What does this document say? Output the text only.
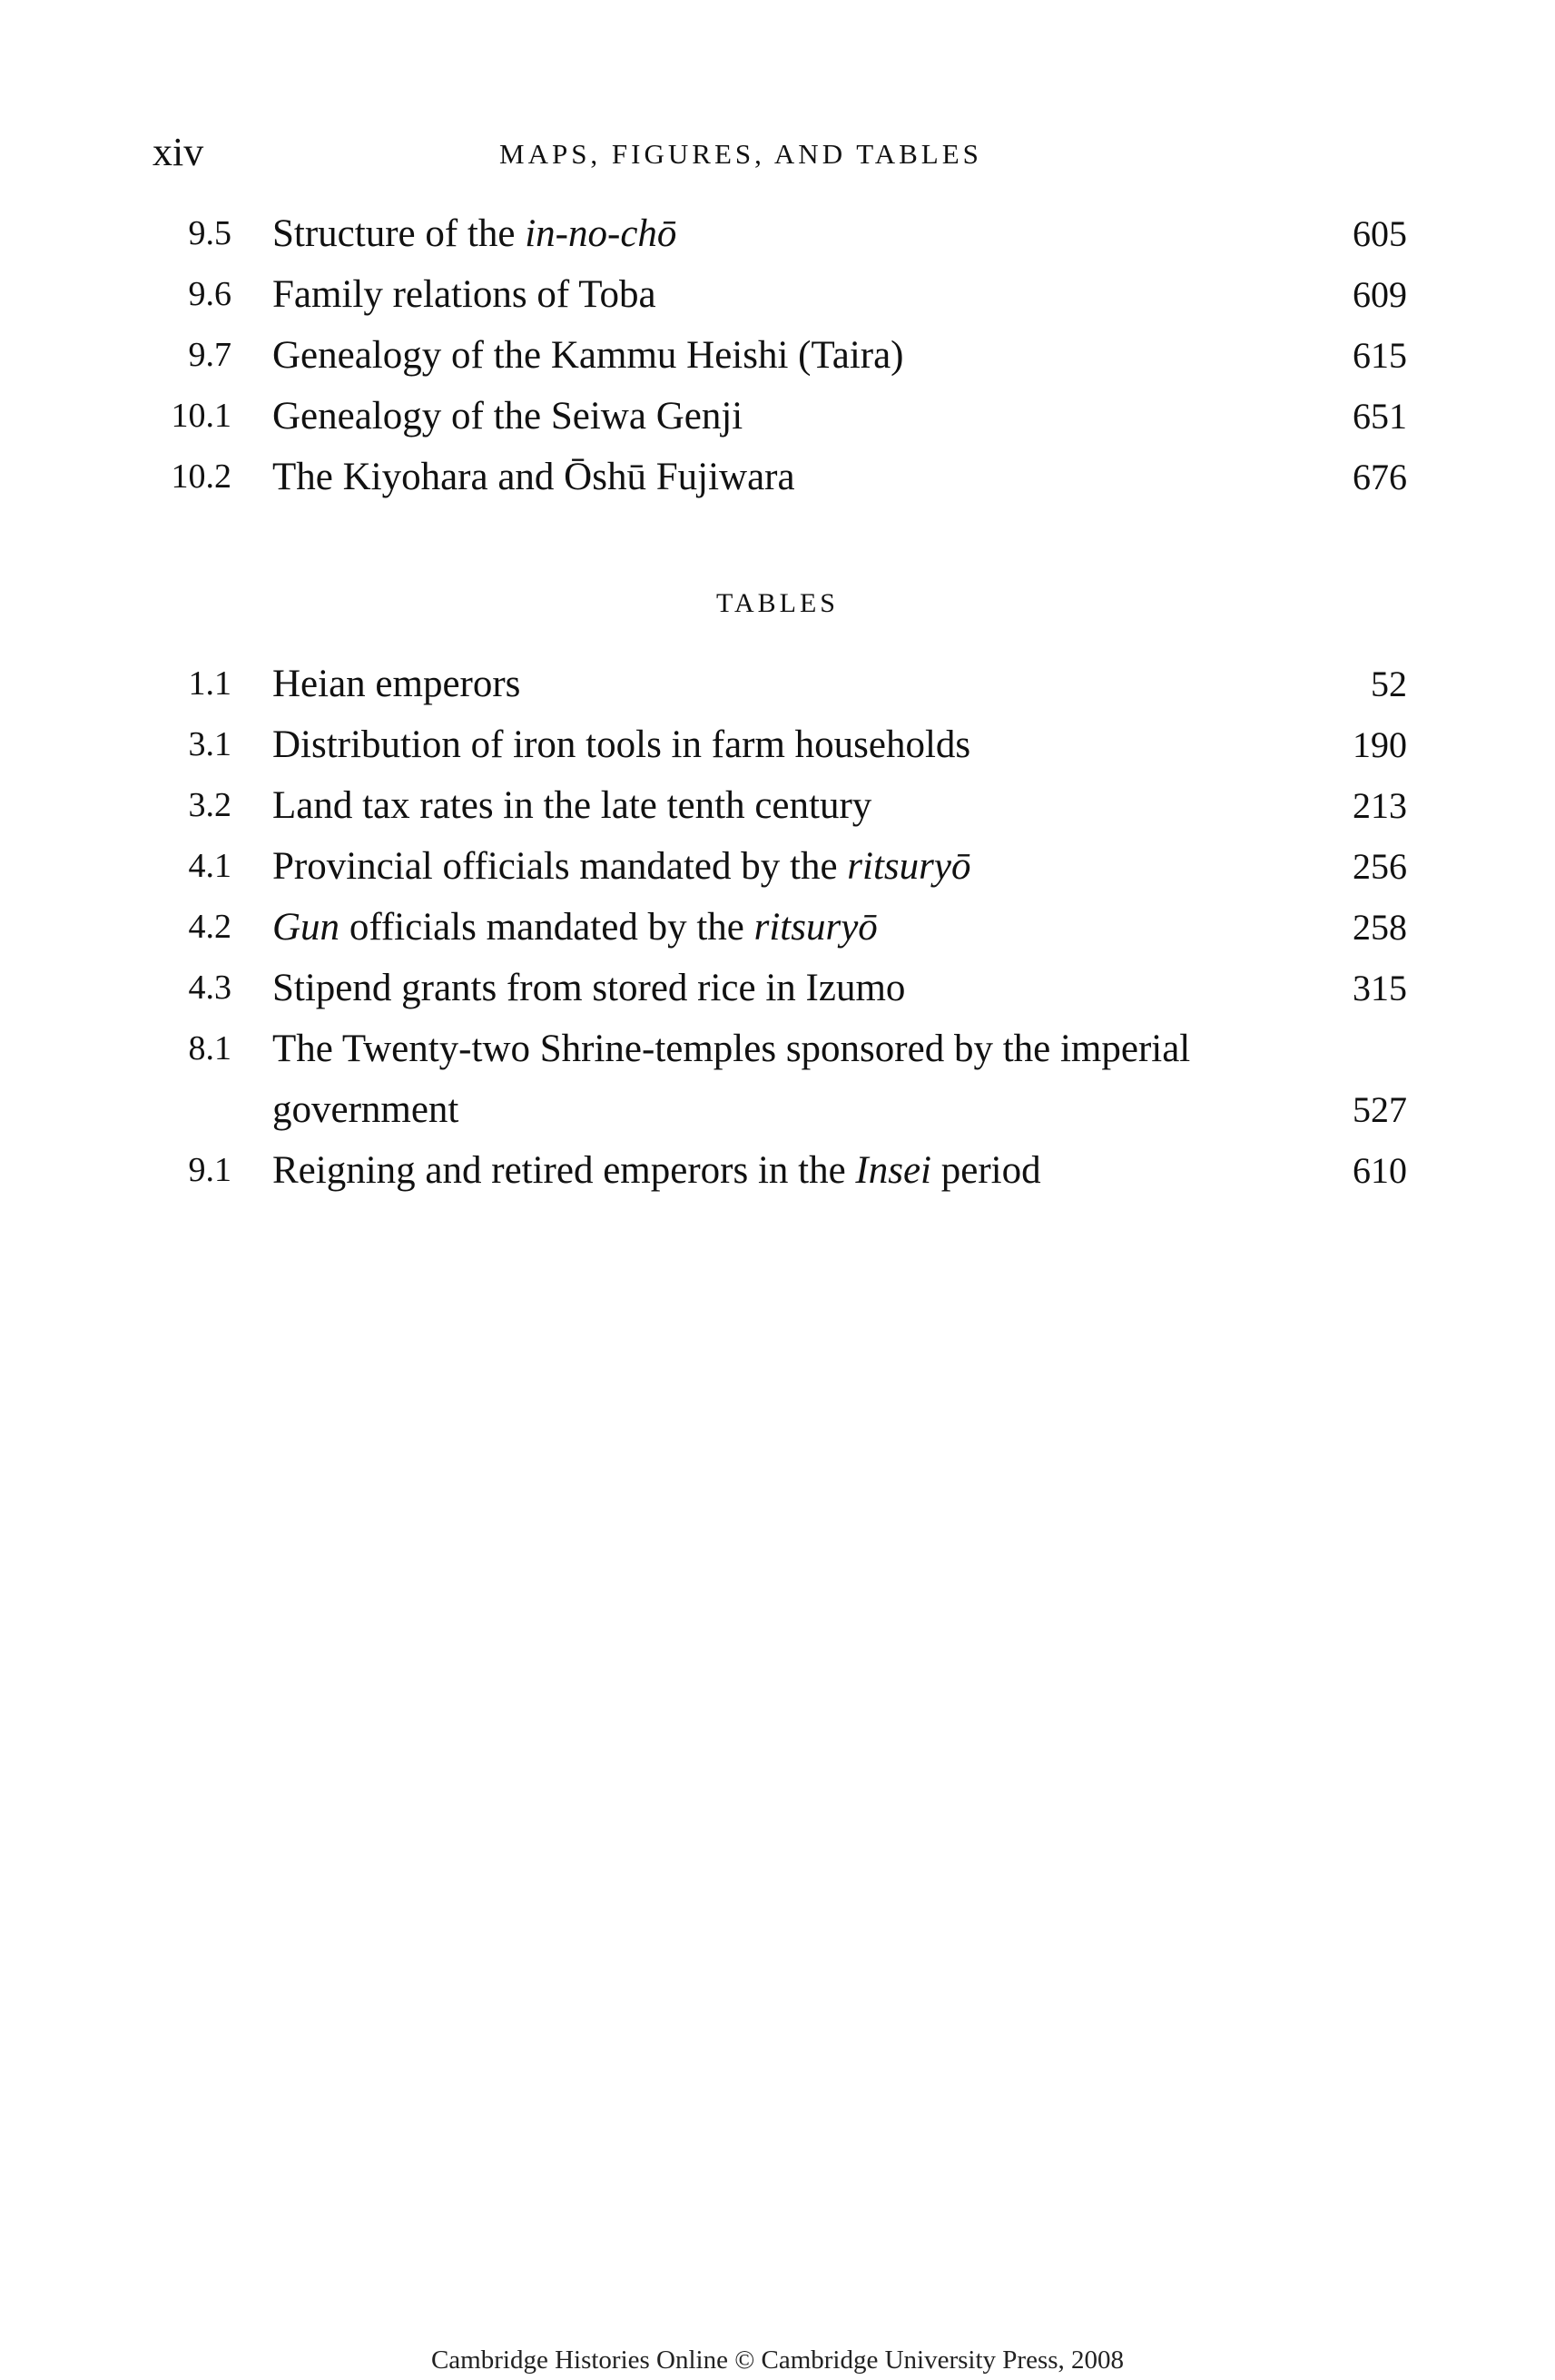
xiv	MAPS, FIGURES, AND TABLES
9.5 Structure of the in-no-chō	605
9.6 Family relations of Toba	609
9.7 Genealogy of the Kammu Heishi (Taira)	615
10.1 Genealogy of the Seiwa Genji	651
10.2 The Kiyohara and Ōshū Fujiwara	676
TABLES
1.1 Heian emperors	52
3.1 Distribution of iron tools in farm households	190
3.2 Land tax rates in the late tenth century	213
4.1 Provincial officials mandated by the ritsuryō	256
4.2 Gun officials mandated by the ritsuryō	258
4.3 Stipend grants from stored rice in Izumo	315
8.1 The Twenty-two Shrine-temples sponsored by the imperial government	527
9.1 Reigning and retired emperors in the Insei period	610
Cambridge Histories Online © Cambridge University Press, 2008
